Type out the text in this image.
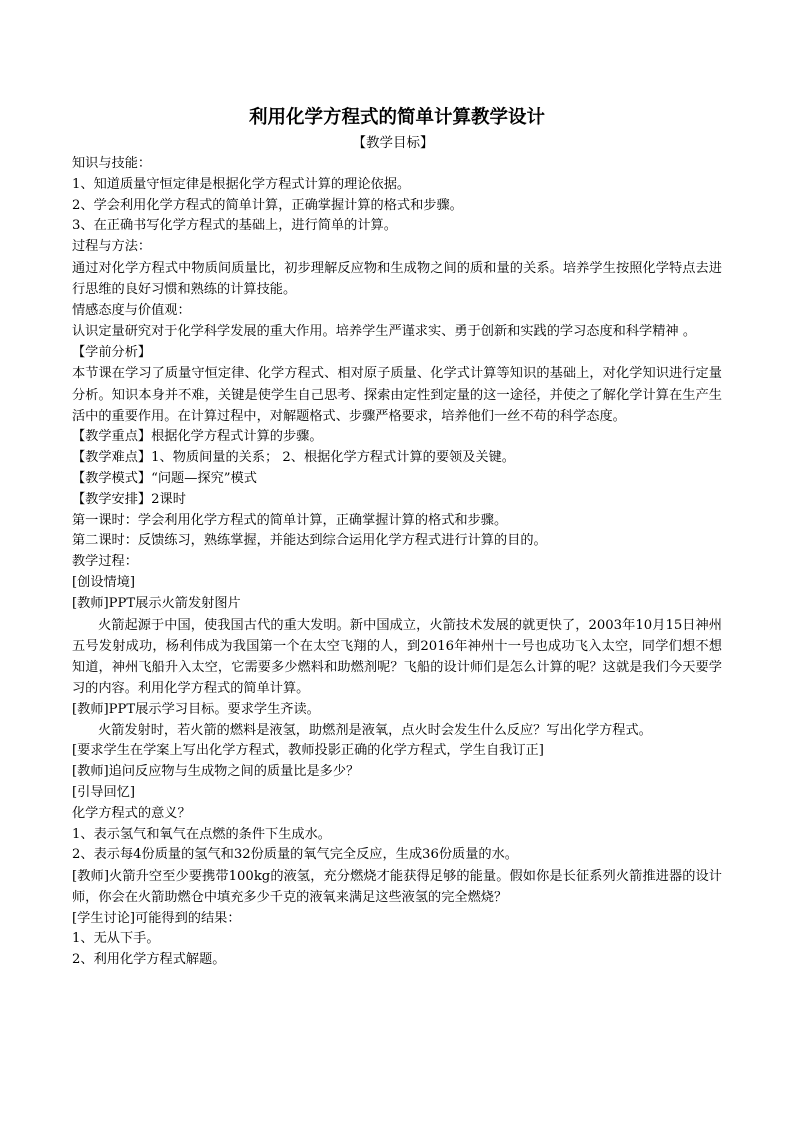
利用化学方程式的简单计算教学设计
【教学目标】
知识与技能：
1、知道质量守恒定律是根据化学方程式计算的理论依据。
2、学会利用化学方程式的简单计算，正确掌握计算的格式和步骤。
3、在正确书写化学方程式的基础上，进行简单的计算。
过程与方法：

通过对化学方程式中物质间质量比，初步理解反应物和生成物之间的质和量的关系。培养学生按照化学特点去进行思维的良好习惯和熟练的计算技能。

情感态度与价值观：

认识定量研究对于化学科学发展的重大作用。培养学生严谨求实、勇于创新和实践的学习态度和科学精神 。

【学前分析】

本节课在学习了质量守恒定律、化学方程式、相对原子质量、化学式计算等知识的基础上，对化学知识进行定量分析。知识本身并不难，关键是使学生自己思考、探索由定性到定量的这一途径，并使之了解化学计算在生产生活中的重要作用。在计算过程中，对解题格式、步骤严格要求，培养他们一丝不苟的科学态度。

【教学重点】根据化学方程式计算的步骤。
【教学难点】1、物质间量的关系； 2、根据化学方程式计算的要领及关键。
【教学模式】“问题—探究”模式
【教学安排】2课时
第一课时：学会利用化学方程式的简单计算，正确掌握计算的格式和步骤。
第二课时：反馈练习，熟练掌握，并能达到综合运用化学方程式进行计算的目的。
教学过程：
[创设情境]
[教师]PPT展示火箭发射图片

火箭起源于中国，使我国古代的重大发明。新中国成立，火箭技术发展的就更快了，2003年10月15日神州五号发射成功，杨利伟成为我国第一个在太空飞翔的人，到2016年神州十一号也成功飞入太空，同学们想不想知道，神州飞船升入太空，它需要多少燃料和助燃剂呢？飞船的设计师们是怎么计算的呢？这就是我们今天要学习的内容。利用化学方程式的简单计算。

[教师]PPT展示学习目标。要求学生齐读。
火箭发射时，若火箭的燃料是液氢，助燃剂是液氧，点火时会发生什么反应？写出化学方程式。
[要求学生在学案上写出化学方程式，教师投影正确的化学方程式，学生自我订正]
[教师]追问反应物与生成物之间的质量比是多少？
[引导回忆]
化学方程式的意义？
1、表示氢气和氧气在点燃的条件下生成水。
2、表示每4份质量的氢气和32份质量的氧气完全反应，生成36份质量的水。

[教师]火箭升空至少要携带100kg的液氢，充分燃烧才能获得足够的能量。假如你是长征系列火箭推进器的设计师，你会在火箭助燃仓中填充多少千克的液氧来满足这些液氢的完全燃烧？

[学生讨论]可能得到的结果：
1、无从下手。
2、利用化学方程式解题。
